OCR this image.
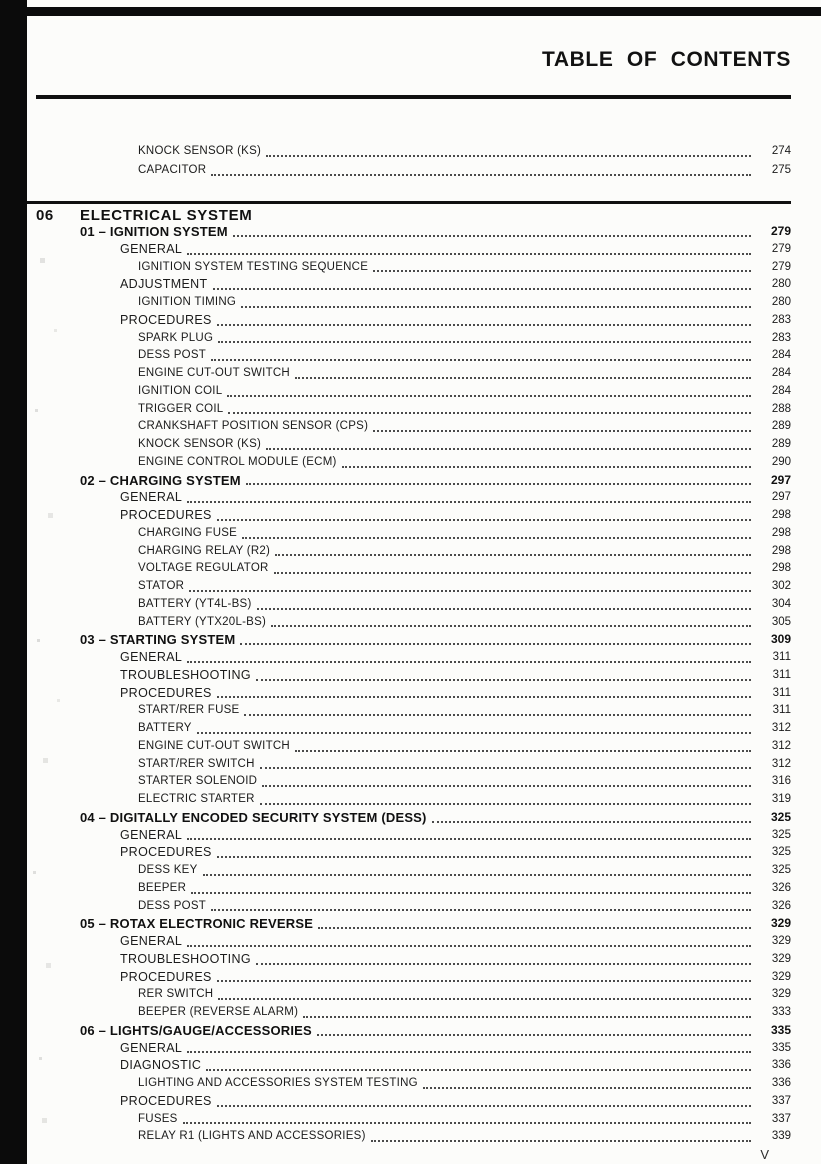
TABLE OF CONTENTS
KNOCK SENSOR (KS)	274
CAPACITOR	275
06 ELECTRICAL SYSTEM
01 – IGNITION SYSTEM	279
GENERAL	279
IGNITION SYSTEM TESTING SEQUENCE	279
ADJUSTMENT	280
IGNITION TIMING	280
PROCEDURES	283
SPARK PLUG	283
DESS POST	284
ENGINE CUT-OUT SWITCH	284
IGNITION COIL	284
TRIGGER COIL	288
CRANKSHAFT POSITION SENSOR (CPS)	289
KNOCK SENSOR (KS)	289
ENGINE CONTROL MODULE (ECM)	290
02 – CHARGING SYSTEM	297
GENERAL	297
PROCEDURES	298
CHARGING FUSE	298
CHARGING RELAY (R2)	298
VOLTAGE REGULATOR	298
STATOR	302
BATTERY (YT4L-BS)	304
BATTERY (YTX20L-BS)	305
03 – STARTING SYSTEM	309
GENERAL	311
TROUBLESHOOTING	311
PROCEDURES	311
START/RER FUSE	311
BATTERY	312
ENGINE CUT-OUT SWITCH	312
START/RER SWITCH	312
STARTER SOLENOID	316
ELECTRIC STARTER	319
04 – DIGITALLY ENCODED SECURITY SYSTEM (DESS)	325
GENERAL	325
PROCEDURES	325
DESS KEY	325
BEEPER	326
DESS POST	326
05 – ROTAX ELECTRONIC REVERSE	329
GENERAL	329
TROUBLESHOOTING	329
PROCEDURES	329
RER SWITCH	329
BEEPER (REVERSE ALARM)	333
06 – LIGHTS/GAUGE/ACCESSORIES	335
GENERAL	335
DIAGNOSTIC	336
LIGHTING AND ACCESSORIES SYSTEM TESTING	336
PROCEDURES	337
FUSES	337
RELAY R1 (LIGHTS AND ACCESSORIES)	339
V
